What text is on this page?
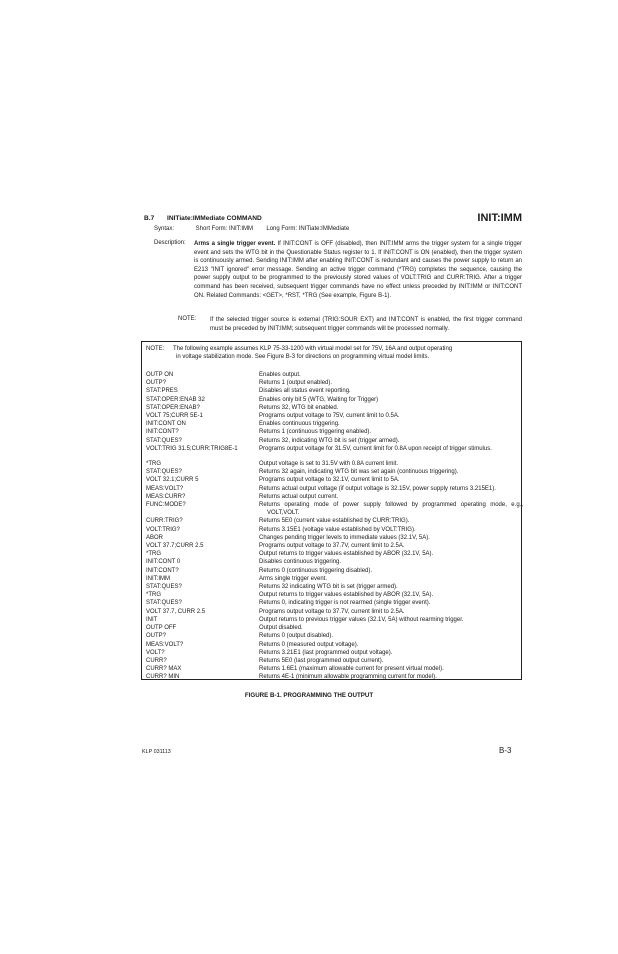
B.7 INITiate:IMMediate COMMAND	INIT:IMM
Syntax:	Short Form: INIT:IMM Long Form: INITiate:IMMediate
Description: Arms a single trigger event. If INIT:CONT is OFF (disabled), then INIT:IMM arms the trigger system for a single trigger event and sets the WTG bit in the Questionable Status register to 1. If INIT:CONT is ON (enabled), then the trigger system is continuously armed. Sending INIT:IMM after enabling INIT:CONT is redundant and causes the power supply to return an E213 "INIT ignored" error message. Sending an active trigger command (*TRG) completes the sequence, causing the power supply output to be programmed to the previously stored values of VOLT:TRIG and CURR:TRIG. After a trigger command has been received, subsequent trigger commands have no effect unless preceded by INIT:IMM or INIT:CONT ON. Related Commands: <GET>, *RST, *TRG (See example, Figure B-1).
NOTE: If the selected trigger source is external (TRIG:SOUR EXT) and INIT:CONT is enabled, the first trigger command must be preceded by INIT:IMM; subsequent trigger commands will be processed normally.
NOTE: The following example assumes KLP 75-33-1200 with virtual model set for 75V, 16A and output operating
in voltage stabilization mode. See Figure B-3 for directions on programming virtual model limits.
OUTP ON	Enables output.
OUTP?	Returns 1 (output enabled).
STAT:PRES	Disables all status event reporting.
STAT:OPER:ENAB 32	Enables only bit 5 (WTG, Waiting for Trigger)
STAT:OPER:ENAB?	Returns 32, WTG bit enabled.
VOLT 75;CURR 5E-1	Programs output voltage to 75V, current limit to 0.5A.
INIT:CONT ON	Enables continuous triggering.
INIT:CONT?	Returns 1 (continuous triggering enabled).
STAT:QUES?	Returns 32, indicating WTG bit is set (trigger armed).
VOLT:TRIG 31.5;CURR:TRIG8E-1	Programs output voltage for 31.5V, current limit for 0.8A upon receipt of trigger stimulus.
*TRG	Output voltage is set to 31.5V with 0.8A current limit.
STAT:QUES?	Returns 32 again, indicating WTG bit was set again (continuous triggering).
VOLT 32.1;CURR 5	Programs output voltage to 32.1V, current limit to 5A.
MEAS:VOLT?	Returns actual output voltage (if output voltage is 32.15V, power supply returns 3.215E1).
MEAS:CURR?	Returns actual output current.
FUNC:MODE?	Returns operating mode of power supply followed by programmed operating mode, e.g., VOLT,VOLT.
CURR:TRIG?	Returns 5E0 (current value established by CURR:TRIG).
VOLT:TRIG?	Returns 3.15E1 (voltage value established by VOLT:TRIG).
ABOR	Changes pending trigger levels to immediate values (32.1V, 5A).
VOLT 37.7;CURR 2.5	Programs output voltage to 37.7V, current limit to 2.5A.
*TRG	Output returns to trigger values established by ABOR (32.1V, 5A).
INIT:CONT 0	Disables continuous triggering.
INIT:CONT?	Returns 0 (continuous triggering disabled).
INIT:IMM	Arms single trigger event.
STAT:QUES?	Returns 32 indicating WTG bit is set (trigger armed).
*TRG	Output returns to trigger values established by ABOR (32.1V, 5A).
STAT:QUES?	Returns 0, indicating trigger is not rearmed (single trigger event).
VOLT 37.7, CURR 2.5	Programs output voltage to 37.7V, current limit to 2.5A.
INIT	Output returns to previous trigger values (32.1V, 5A) without rearming trigger.
OUTP OFF	Output disabled.
OUTP?	Returns 0 (output disabled).
MEAS:VOLT?	Returns 0 (measured output voltage).
VOLT?	Returns 3.21E1 (last programmed output voltage).
CURR?	Returns 5E0 (last programmed output current).
CURR? MAX	Returns 1.6E1 (maximum allowable current for present virtual model).
CURR? MIN	Returns 4E-1 (minimum allowable programming current for model).
FIGURE B-1. PROGRAMMING THE OUTPUT
KLP 031113	B-3
